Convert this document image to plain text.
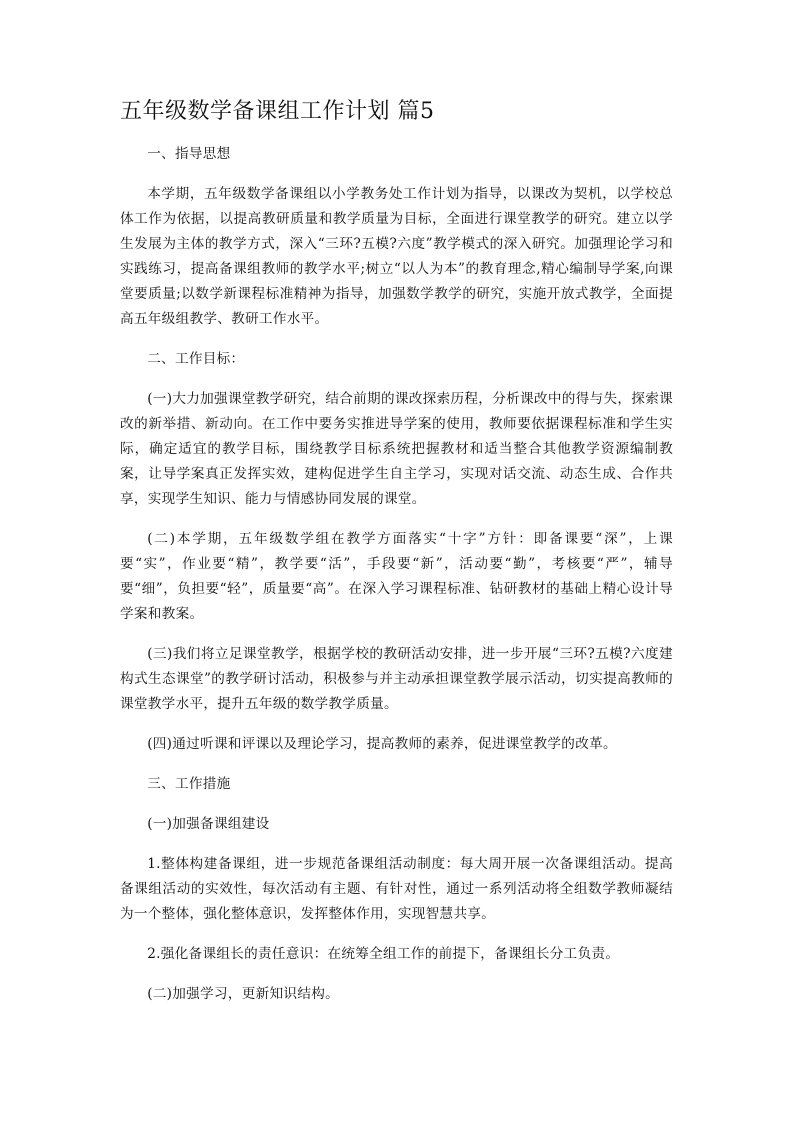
五年级数学备课组工作计划 篇5

一、指导思想

本学期，五年级数学备课组以小学教务处工作计划为指导，以课改为契机，以学校总体工作为依据，以提高教研质量和教学质量为目标，全面进行课堂教学的研究。建立以学生发展为主体的教学方式，深入“三环?五模?六度”教学模式的深入研究。加强理论学习和实践练习，提高备课组教师的教学水平;树立“以人为本”的教育理念,精心编制导学案,向课堂要质量;以数学新课程标准精神为指导，加强数学教学的研究，实施开放式教学，全面提高五年级组教学、教研工作水平。

二、工作目标：

(一)大力加强课堂教学研究，结合前期的课改探索历程，分析课改中的得与失，探索课改的新举措、新动向。在工作中要务实推进导学案的使用，教师要依据课程标准和学生实际，确定适宜的教学目标，围绕教学目标系统把握教材和适当整合其他教学资源编制教案，让导学案真正发挥实效，建构促进学生自主学习，实现对话交流、动态生成、合作共享，实现学生知识、能力与情感协同发展的课堂。

(二)本学期，五年级数学组在教学方面落实“十字”方针：即备课要“深”，上课要“实”，作业要“精”，教学要“活”，手段要“新”，活动要“勤”，考核要“严”，辅导要“细”，负担要“轻”，质量要“高”。在深入学习课程标准、钻研教材的基础上精心设计导学案和教案。

(三)我们将立足课堂教学，根据学校的教研活动安排，进一步开展“三环?五模?六度建构式生态课堂”的教学研讨活动，积极参与并主动承担课堂教学展示活动，切实提高教师的课堂教学水平，提升五年级的数学教学质量。

(四)通过听课和评课以及理论学习，提高教师的素养，促进课堂教学的改革。

三、工作措施

(一)加强备课组建设

1.整体构建备课组，进一步规范备课组活动制度：每大周开展一次备课组活动。提高备课组活动的实效性，每次活动有主题、有针对性，通过一系列活动将全组数学教师凝结为一个整体，强化整体意识，发挥整体作用，实现智慧共享。

2.强化备课组长的责任意识：在统筹全组工作的前提下，备课组长分工负责。

(二)加强学习，更新知识结构。
